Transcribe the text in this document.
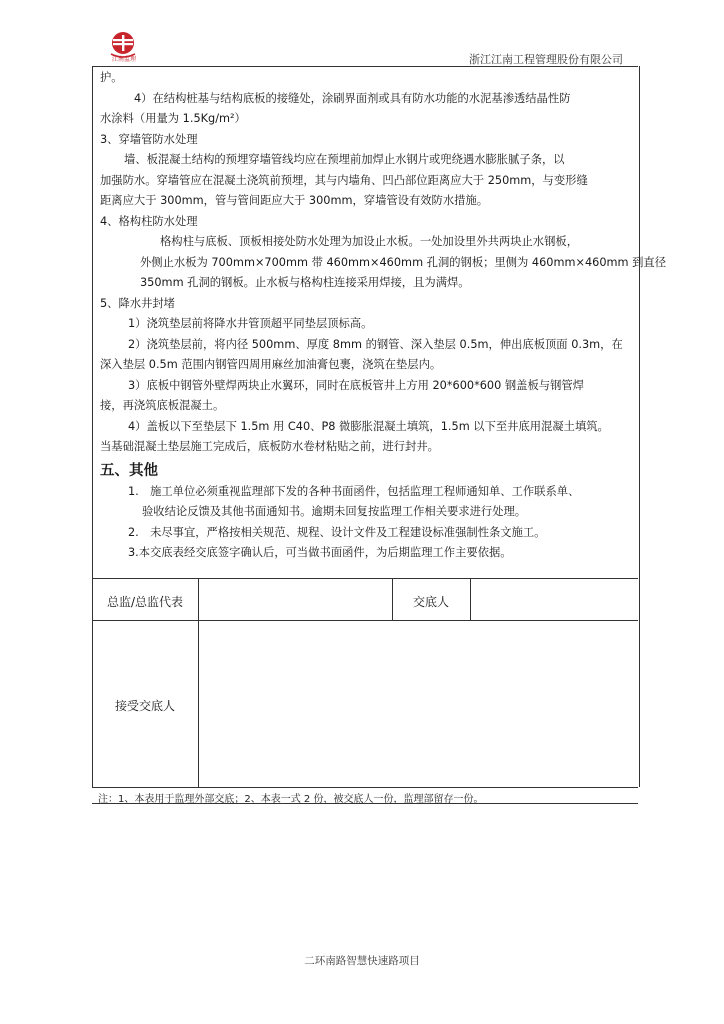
江南监理	浙江江南工程管理股份有限公司

护。

4）在结构桩基与结构底板的接缝处，涂刷界面剂或具有防水功能的水泥基渗透结晶性防

水涂料（用量为 1.5Kg/m²）

3、穿墙管防水处理

墙、板混凝土结构的预埋穿墙管线均应在预埋前加焊止水钢片或兜绕遇水膨胀腻子条，以

加强防水。穿墙管应在混凝土浇筑前预埋，其与内墙角、凹凸部位距离应大于 250mm，与变形缝

距离应大于 300mm，管与管间距应大于 300mm，穿墙管设有效防水措施。

4、格构柱防水处理

格构柱与底板、顶板相接处防水处理为加设止水板。一处加设里外共两块止水钢板，

外侧止水板为 700mm×700mm 带 460mm×460mm 孔洞的钢板；里侧为 460mm×460mm 到直径

350mm 孔洞的钢板。止水板与格构柱连接采用焊接，且为满焊。

5、降水井封堵

1）浇筑垫层前将降水井管顶超平同垫层顶标高。

2）浇筑垫层前，将内径 500mm、厚度 8mm 的钢管、深入垫层 0.5m，伸出底板顶面 0.3m，在

深入垫层 0.5m 范围内钢管四周用麻丝加油膏包裹，浇筑在垫层内。

3）底板中钢管外壁焊两块止水翼环，同时在底板管井上方用 20*600*600 钢盖板与钢管焊

接，再浇筑底板混凝土。

4）盖板以下至垫层下 1.5m 用 C40、P8 微膨胀混凝土填筑，1.5m 以下至井底用混凝土填筑。

当基础混凝土垫层施工完成后，底板防水卷材粘贴之前，进行封井。

五、其他

1.　施工单位必须重视监理部下发的各种书面函件，包括监理工程师通知单、工作联系单、

验收结论反馈及其他书面通知书。逾期未回复按监理工作相关要求进行处理。

2.　未尽事宜，严格按相关规范、规程、设计文件及工程建设标准强制性条文施工。

3.本交底表经交底签字确认后，可当做书面函件，为后期监理工作主要依据。

总监/总监代表	交底人
接受交底人
注：1、本表用于监理外部交底；2、本表一式 2 份，被交底人一份，监理部留存一份。
二环南路智慧快速路项目
